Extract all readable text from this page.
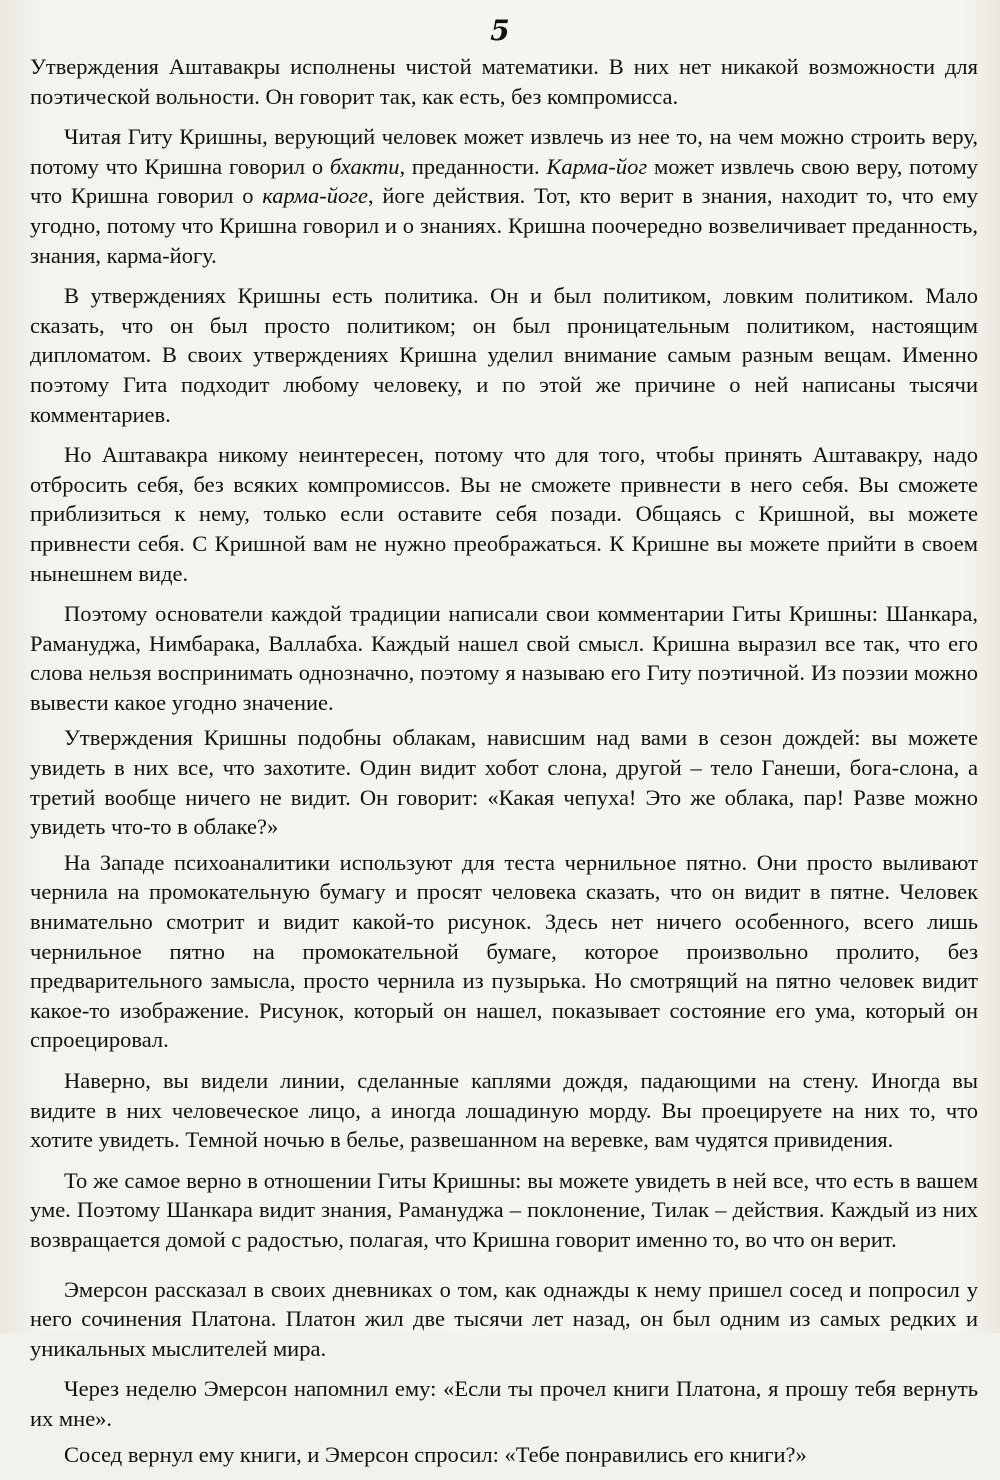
5

Утверждения Аштавакры исполнены чистой математики. В них нет никакой возможности для поэтической вольности. Он говорит так, как есть, без компромисса.

Читая Гиту Кришны, верующий человек может извлечь из нее то, на чем можно строить веру, потому что Кришна говорил о бхакти, преданности. Карма-йог может извлечь свою веру, потому что Кришна говорил о карма-йоге, йоге действия. Тот, кто верит в знания, находит то, что ему угодно, потому что Кришна говорил и о знаниях. Кришна поочередно возвеличивает преданность, знания, карма-йогу.

В утверждениях Кришны есть политика. Он и был политиком, ловким политиком. Мало сказать, что он был просто политиком; он был проницательным политиком, настоящим дипломатом. В своих утверждениях Кришна уделил внимание самым разным вещам. Именно поэтому Гита подходит любому человеку, и по этой же причине о ней написаны тысячи комментариев.

Но Аштавакра никому неинтересен, потому что для того, чтобы принять Аштавакру, надо отбросить себя, без всяких компромиссов. Вы не сможете привнести в него себя. Вы сможете приблизиться к нему, только если оставите себя позади. Общаясь с Кришной, вы можете привнести себя. С Кришной вам не нужно преображаться. К Кришне вы можете прийти в своем нынешнем виде.

Поэтому основатели каждой традиции написали свои комментарии Гиты Кришны: Шанкара, Рамануджа, Нимбарака, Валлабха. Каждый нашел свой смысл. Кришна выразил все так, что его слова нельзя воспринимать однозначно, поэтому я называю его Гиту поэтичной. Из поэзии можно вывести какое угодно значение.

Утверждения Кришны подобны облакам, нависшим над вами в сезон дождей: вы можете увидеть в них все, что захотите. Один видит хобот слона, другой – тело Ганеши, бога-слона, а третий вообще ничего не видит. Он говорит: «Какая чепуха! Это же облака, пар! Разве можно увидеть что-то в облаке?»

На Западе психоаналитики используют для теста чернильное пятно. Они просто выливают чернила на промокательную бумагу и просят человека сказать, что он видит в пятне. Человек внимательно смотрит и видит какой-то рисунок. Здесь нет ничего особенного, всего лишь чернильное пятно на промокательной бумаге, которое произвольно пролито, без предварительного замысла, просто чернила из пузырька. Но смотрящий на пятно человек видит какое-то изображение. Рисунок, который он нашел, показывает состояние его ума, который он спроецировал.

Наверно, вы видели линии, сделанные каплями дождя, падающими на стену. Иногда вы видите в них человеческое лицо, а иногда лошадиную морду. Вы проецируете на них то, что хотите увидеть. Темной ночью в белье, развешанном на веревке, вам чудятся привидения.

То же самое верно в отношении Гиты Кришны: вы можете увидеть в ней все, что есть в вашем уме. Поэтому Шанкара видит знания, Рамануджа – поклонение, Тилак – действия. Каждый из них возвращается домой с радостью, полагая, что Кришна говорит именно то, во что он верит.

Эмерсон рассказал в своих дневниках о том, как однажды к нему пришел сосед и попросил у него сочинения Платона. Платон жил две тысячи лет назад, он был одним из самых редких и уникальных мыслителей мира.

Через неделю Эмерсон напомнил ему: «Если ты прочел книги Платона, я прошу тебя вернуть их мне».

Сосед вернул ему книги, и Эмерсон спросил: «Тебе понравились его книги?»
